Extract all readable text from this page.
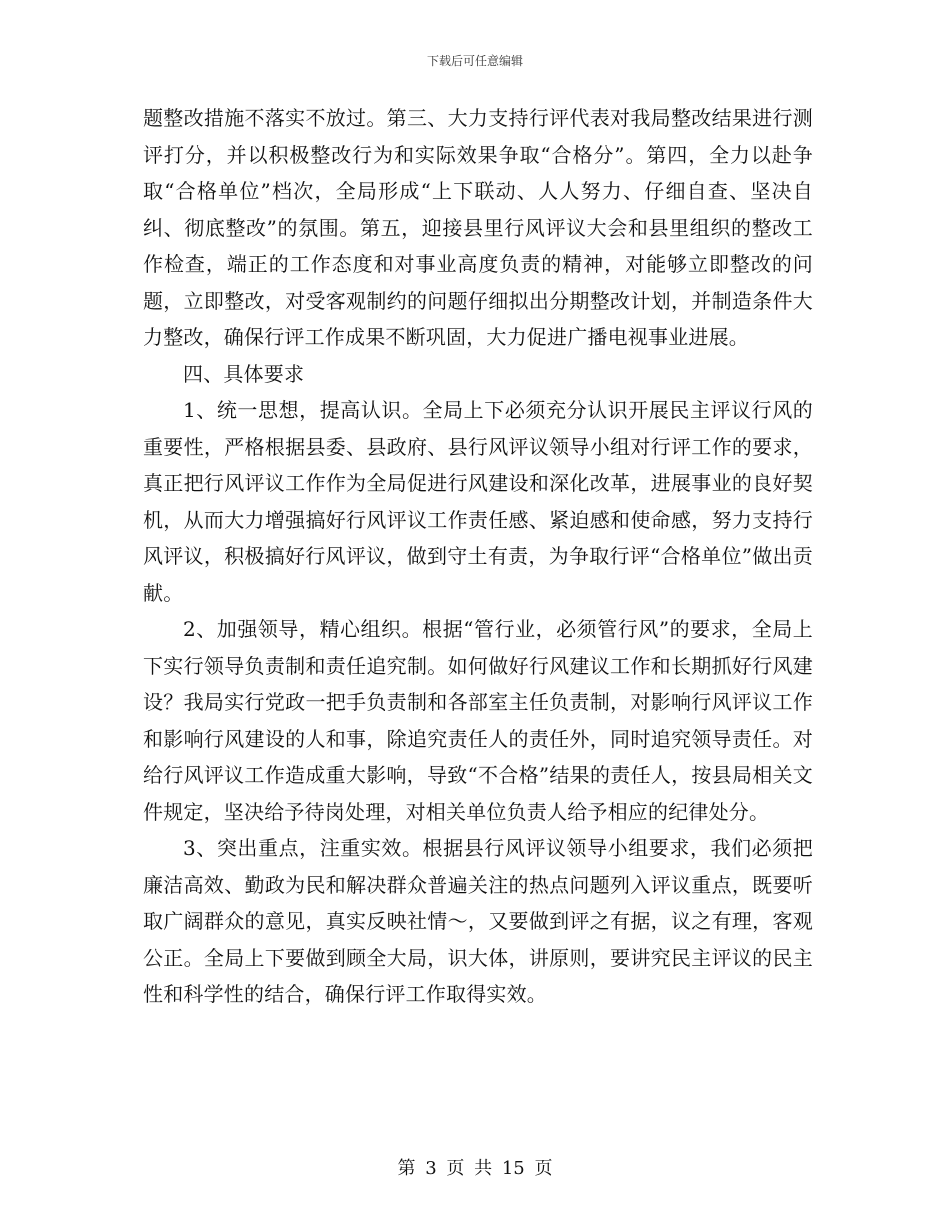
下载后可任意编辑

题整改措施不落实不放过。第三、大力支持行评代表对我局整改结果进行测评打分，并以积极整改行为和实际效果争取“合格分”。第四，全力以赴争取“合格单位”档次，全局形成“上下联动、人人努力、仔细自查、坚决自纠、彻底整改”的氛围。第五，迎接县里行风评议大会和县里组织的整改工作检查，端正的工作态度和对事业高度负责的精神，对能够立即整改的问题，立即整改，对受客观制约的问题仔细拟出分期整改计划，并制造条件大力整改，确保行评工作成果不断巩固，大力促进广播电视事业进展。

四、具体要求

1、统一思想，提高认识。全局上下必须充分认识开展民主评议行风的重要性，严格根据县委、县政府、县行风评议领导小组对行评工作的要求，真正把行风评议工作作为全局促进行风建设和深化改革，进展事业的良好契机，从而大力增强搞好行风评议工作责任感、紧迫感和使命感，努力支持行风评议，积极搞好行风评议，做到守土有责，为争取行评“合格单位”做出贡献。

2、加强领导，精心组织。根据“管行业，必须管行风”的要求，全局上下实行领导负责制和责任追究制。如何做好行风建议工作和长期抓好行风建设？我局实行党政一把手负责制和各部室主任负责制，对影响行风评议工作和影响行风建设的人和事，除追究责任人的责任外，同时追究领导责任。对给行风评议工作造成重大影响，导致“不合格”结果的责任人，按县局相关文件规定，坚决给予待岗处理，对相关单位负责人给予相应的纪律处分。

3、突出重点，注重实效。根据县行风评议领导小组要求，我们必须把廉洁高效、勤政为民和解决群众普遍关注的热点问题列入评议重点，既要听取广阔群众的意见，真实反映社情～，又要做到评之有据，议之有理，客观公正。全局上下要做到顾全大局，识大体，讲原则，要讲究民主评议的民主性和科学性的结合，确保行评工作取得实效。

第 3 页 共 15 页
